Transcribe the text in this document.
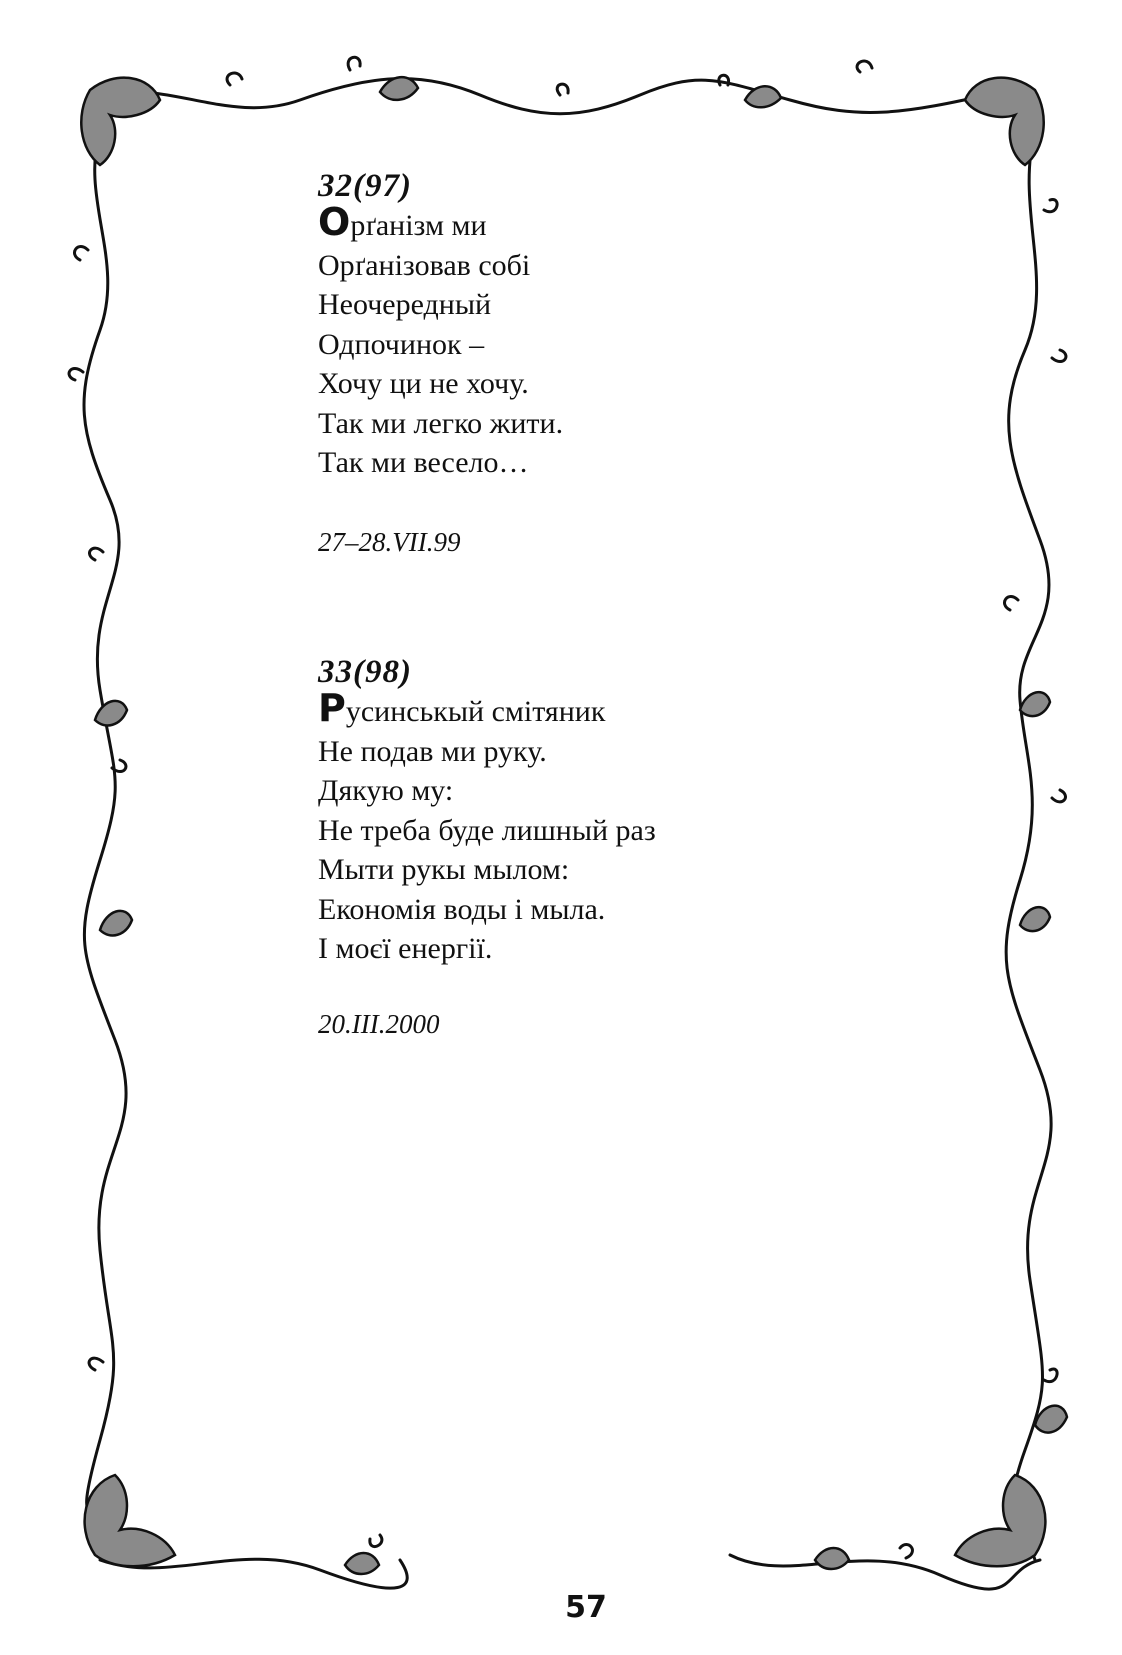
32(97)
Орґанізм ми
Орґанізовав собі
Неочередный
Одпочинок –
Хочу ци не хочу.
Так ми легко жити.
Так ми весело…
27–28.VII.99
33(98)
Русинськый смітяник
Не подав ми руку.
Дякую му:
Не треба буде лишный раз
Мыти рукы мылом:
Економія воды і мыла.
І моєї енергії.
20.III.2000
57
